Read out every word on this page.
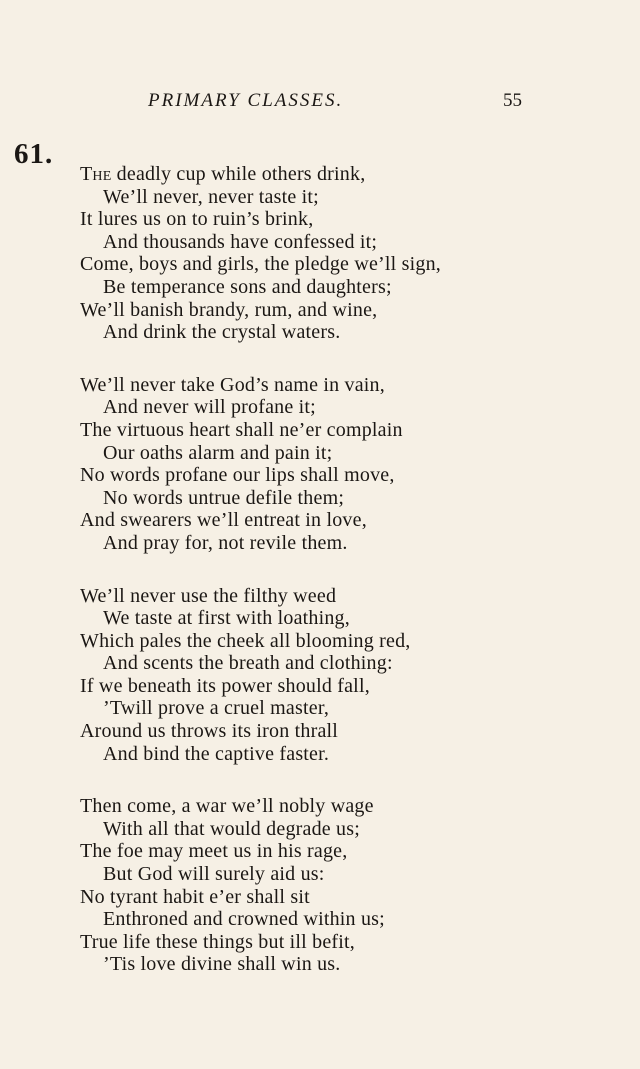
PRIMARY CLASSES.	55
61.
The deadly cup while others drink,
We’ll never, never taste it;
It lures us on to ruin’s brink,
And thousands have confessed it;
Come, boys and girls, the pledge we’ll sign,
Be temperance sons and daughters;
We’ll banish brandy, rum, and wine,
And drink the crystal waters.
We’ll never take God’s name in vain,
And never will profane it;
The virtuous heart shall ne’er complain
Our oaths alarm and pain it;
No words profane our lips shall move,
No words untrue defile them;
And swearers we’ll entreat in love,
And pray for, not revile them.
We’ll never use the filthy weed
We taste at first with loathing,
Which pales the cheek all blooming red,
And scents the breath and clothing:
If we beneath its power should fall,
’Twill prove a cruel master,
Around us throws its iron thrall
And bind the captive faster.
Then come, a war we’ll nobly wage
With all that would degrade us;
The foe may meet us in his rage,
But God will surely aid us:
No tyrant habit e’er shall sit
Enthroned and crowned within us;
True life these things but ill befit,
’Tis love divine shall win us.
